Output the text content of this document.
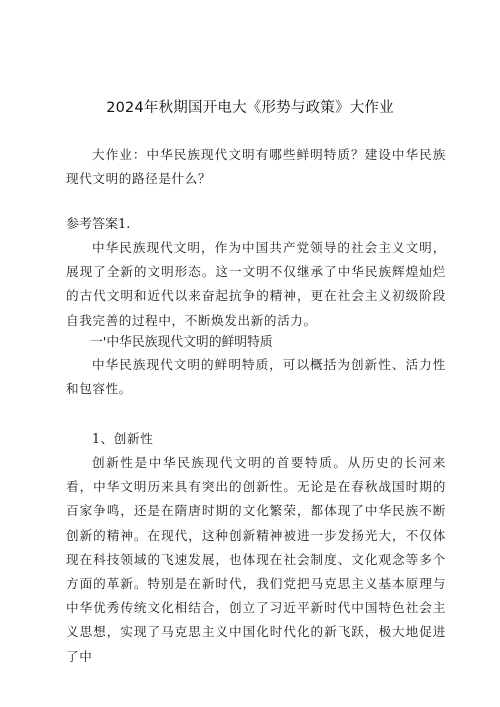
2024年秋期国开电大《形势与政策》大作业

大作业：中华民族现代文明有哪些鲜明特质？建设中华民族现代文明的路径是什么？

参考答案1.

中华民族现代文明，作为中国共产党领导的社会主义文明，展现了全新的文明形态。这一文明不仅继承了中华民族辉煌灿烂的古代文明和近代以来奋起抗争的精神，更在社会主义初级阶段自我完善的过程中，不断焕发出新的活力。

一'中华民族现代文明的鲜明特质

中华民族现代文明的鲜明特质，可以概括为创新性、活力性和包容性。

1、创新性

创新性是中华民族现代文明的首要特质。从历史的长河来看，中华文明历来具有突出的创新性。无论是在春秋战国时期的百家争鸣，还是在隋唐时期的文化繁荣，都体现了中华民族不断创新的精神。在现代，这种创新精神被进一步发扬光大，不仅体现在科技领域的飞速发展，也体现在社会制度、文化观念等多个方面的革新。特别是在新时代，我们党把马克思主义基本原理与中华优秀传统文化相结合，创立了习近平新时代中国特色社会主义思想，实现了马克思主义中国化时代化的新飞跃，极大地促进了中
